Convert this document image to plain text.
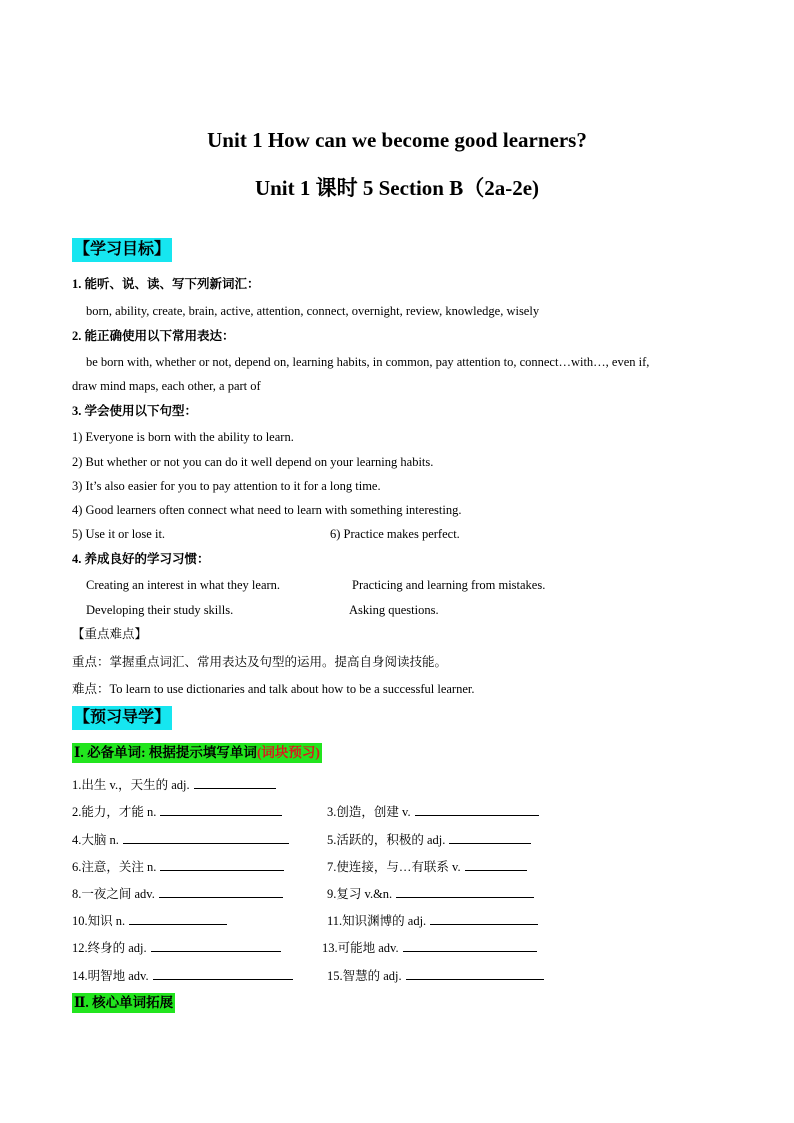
Unit 1 How can we become good learners?
Unit 1 课时 5 Section B（2a-2e)
【学习目标】
1. 能听、说、读、写下列新词汇：
born, ability, create, brain, active, attention, connect, overnight, review, knowledge, wisely
2. 能正确使用以下常用表达：
be born with, whether or not, depend on, learning habits, in common, pay attention to, connect…with…, even if,
draw mind maps, each other, a part of
3. 学会使用以下句型：
1) Everyone is born with the ability to learn.
2) But whether or not you can do it well depend on your learning habits.
3) It’s also easier for you to pay attention to it for a long time.
4) Good learners often connect what need to learn with something interesting.
5) Use it or lose it.	6) Practice makes perfect.
4. 养成良好的学习习惯：
Creating an interest in what they learn.	Practicing and learning from mistakes.
Developing their study skills.	Asking questions.
【重点难点】
重点：掌握重点词汇、常用表达及句型的运用。提高自身阅读技能。
难点：To learn to use dictionaries and talk about how to be a successful learner.
【预习导学】
Ⅰ. 必备单词: 根据提示填写单词(词块预习)
1.出生 v.，天生的 adj.
2.能力，才能 n.	3.创造，创建 v.
4.大脑 n.	5.活跃的，积极的 adj.
6.注意，关注 n.	7.使连接，与…有联系 v.
8.一夜之间 adv.	9.复习 v.&n.
10.知识 n.	11.知识渊博的 adj.
12.终身的 adj.	13.可能地 adv.
14.明智地 adv.	15.智慧的 adj.
Ⅱ. 核心单词拓展
